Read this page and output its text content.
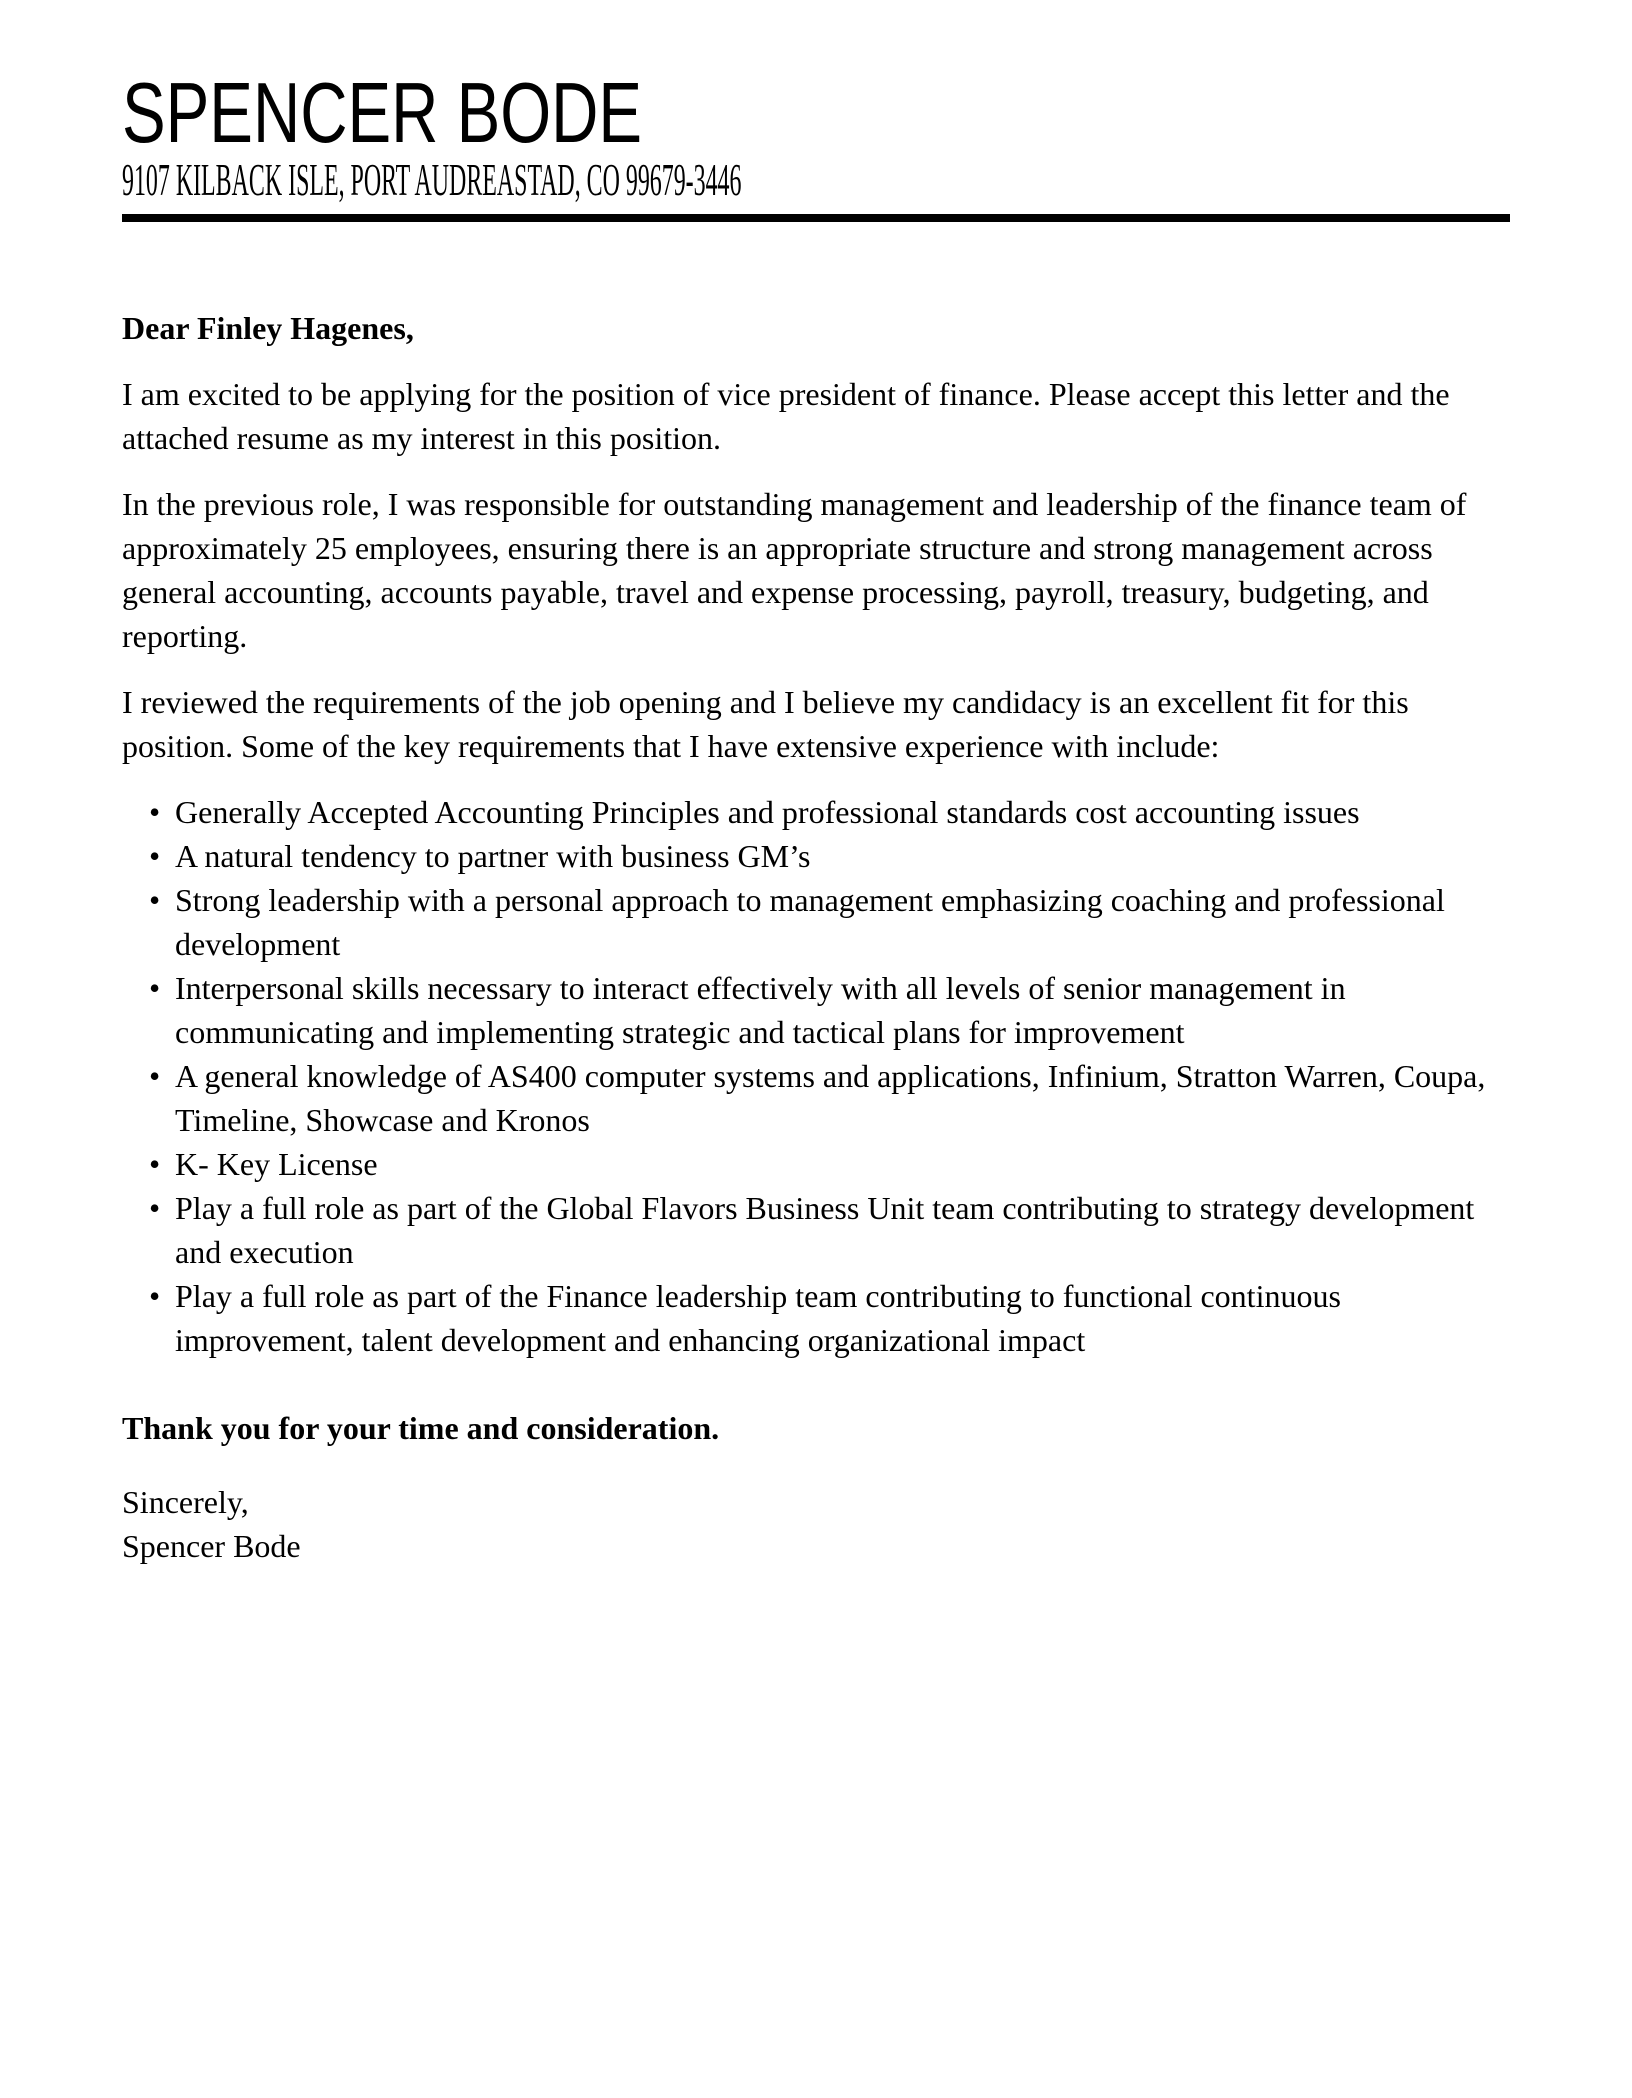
SPENCER BODE
9107 KILBACK ISLE, PORT AUDREASTAD, CO 99679-3446

Dear Finley Hagenes,

I am excited to be applying for the position of vice president of finance. Please accept this letter and the attached resume as my interest in this position.

In the previous role, I was responsible for outstanding management and leadership of the finance team of approximately 25 employees, ensuring there is an appropriate structure and strong management across general accounting, accounts payable, travel and expense processing, payroll, treasury, budgeting, and reporting.

I reviewed the requirements of the job opening and I believe my candidacy is an excellent fit for this position. Some of the key requirements that I have extensive experience with include:

• Generally Accepted Accounting Principles and professional standards cost accounting issues
• A natural tendency to partner with business GM’s
• Strong leadership with a personal approach to management emphasizing coaching and professional development
• Interpersonal skills necessary to interact effectively with all levels of senior management in communicating and implementing strategic and tactical plans for improvement
• A general knowledge of AS400 computer systems and applications, Infinium, Stratton Warren, Coupa, Timeline, Showcase and Kronos
• K- Key License
• Play a full role as part of the Global Flavors Business Unit team contributing to strategy development and execution
• Play a full role as part of the Finance leadership team contributing to functional continuous improvement, talent development and enhancing organizational impact

Thank you for your time and consideration.

Sincerely,
Spencer Bode
